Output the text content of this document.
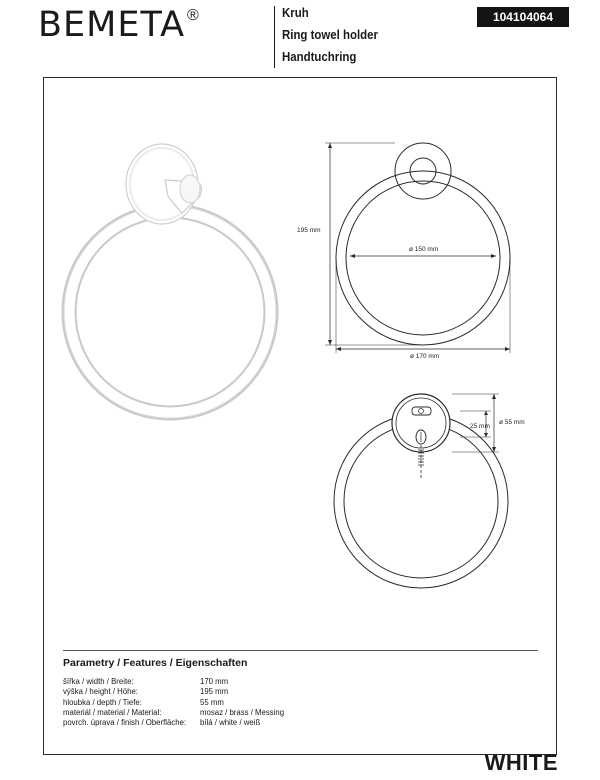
BEMETA ®	Kruh
Ring towel holder
Handtuchring
104104064
195 mm
ø 150 mm
ø 170 mm
25 mm
ø 55 mm
Parametry / Features / Eigenschaften
šířka / width / Breite:	170 mm
výška / height / Höhe:	195 mm
hloubka / depth / Tiefe:	55 mm
materiál / material / Material:	mosaz / brass / Messing
povrch. úprava / finish / Oberfläche:	bílá / white / weiß
WHITE
